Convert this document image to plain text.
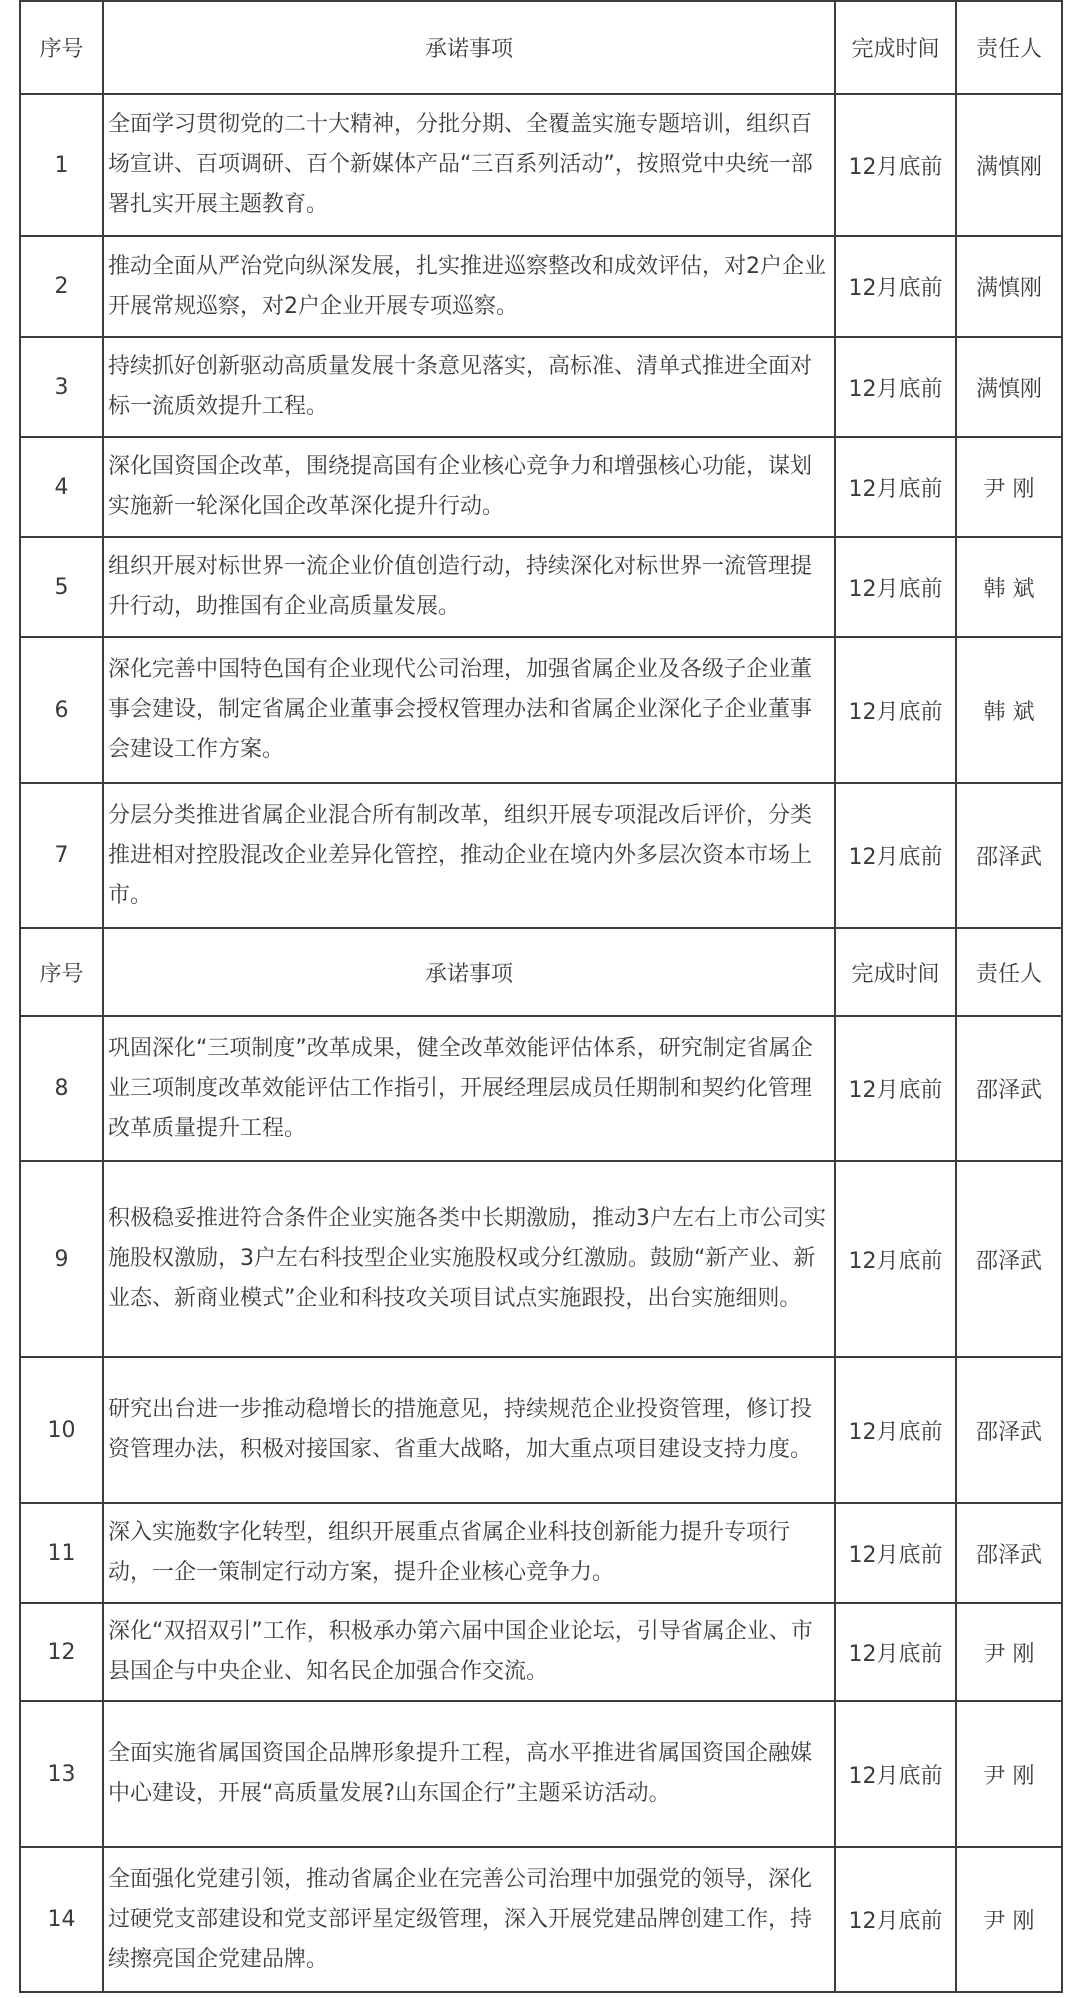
序号	承诺事项	完成时间	责任人
1	全面学习贯彻党的二十大精神，分批分期、全覆盖实施专题培训，组织百场宣讲、百项调研、百个新媒体产品“三百系列活动”，按照党中央统一部署扎实开展主题教育。	12月底前	满慎刚
2	推动全面从严治党向纵深发展，扎实推进巡察整改和成效评估，对2户企业开展常规巡察，对2户企业开展专项巡察。	12月底前	满慎刚
3	持续抓好创新驱动高质量发展十条意见落实，高标准、清单式推进全面对标一流质效提升工程。	12月底前	满慎刚
4	深化国资国企改革，围绕提高国有企业核心竞争力和增强核心功能，谋划实施新一轮深化国企改革深化提升行动。	12月底前	尹 刚
5	组织开展对标世界一流企业价值创造行动，持续深化对标世界一流管理提升行动，助推国有企业高质量发展。	12月底前	韩 斌
6	深化完善中国特色国有企业现代公司治理，加强省属企业及各级子企业董事会建设，制定省属企业董事会授权管理办法和省属企业深化子企业董事会建设工作方案。	12月底前	韩 斌
7	分层分类推进省属企业混合所有制改革，组织开展专项混改后评价，分类推进相对控股混改企业差异化管控，推动企业在境内外多层次资本市场上市。	12月底前	邵泽武
序号	承诺事项	完成时间	责任人
8	巩固深化“三项制度”改革成果，健全改革效能评估体系，研究制定省属企业三项制度改革效能评估工作指引，开展经理层成员任期制和契约化管理改革质量提升工程。	12月底前	邵泽武
9	积极稳妥推进符合条件企业实施各类中长期激励，推动3户左右上市公司实施股权激励，3户左右科技型企业实施股权或分红激励。鼓励“新产业、新业态、新商业模式”企业和科技攻关项目试点实施跟投，出台实施细则。	12月底前	邵泽武
10	研究出台进一步推动稳增长的措施意见，持续规范企业投资管理，修订投资管理办法，积极对接国家、省重大战略，加大重点项目建设支持力度。	12月底前	邵泽武
11	深入实施数字化转型，组织开展重点省属企业科技创新能力提升专项行动，一企一策制定行动方案，提升企业核心竞争力。	12月底前	邵泽武
12	深化“双招双引”工作，积极承办第六届中国企业论坛，引导省属企业、市县国企与中央企业、知名民企加强合作交流。	12月底前	尹 刚
13	全面实施省属国资国企品牌形象提升工程，高水平推进省属国资国企融媒中心建设，开展“高质量发展?山东国企行”主题采访活动。	12月底前	尹 刚
14	全面强化党建引领，推动省属企业在完善公司治理中加强党的领导，深化过硬党支部建设和党支部评星定级管理，深入开展党建品牌创建工作，持续擦亮国企党建品牌。	12月底前	尹 刚
